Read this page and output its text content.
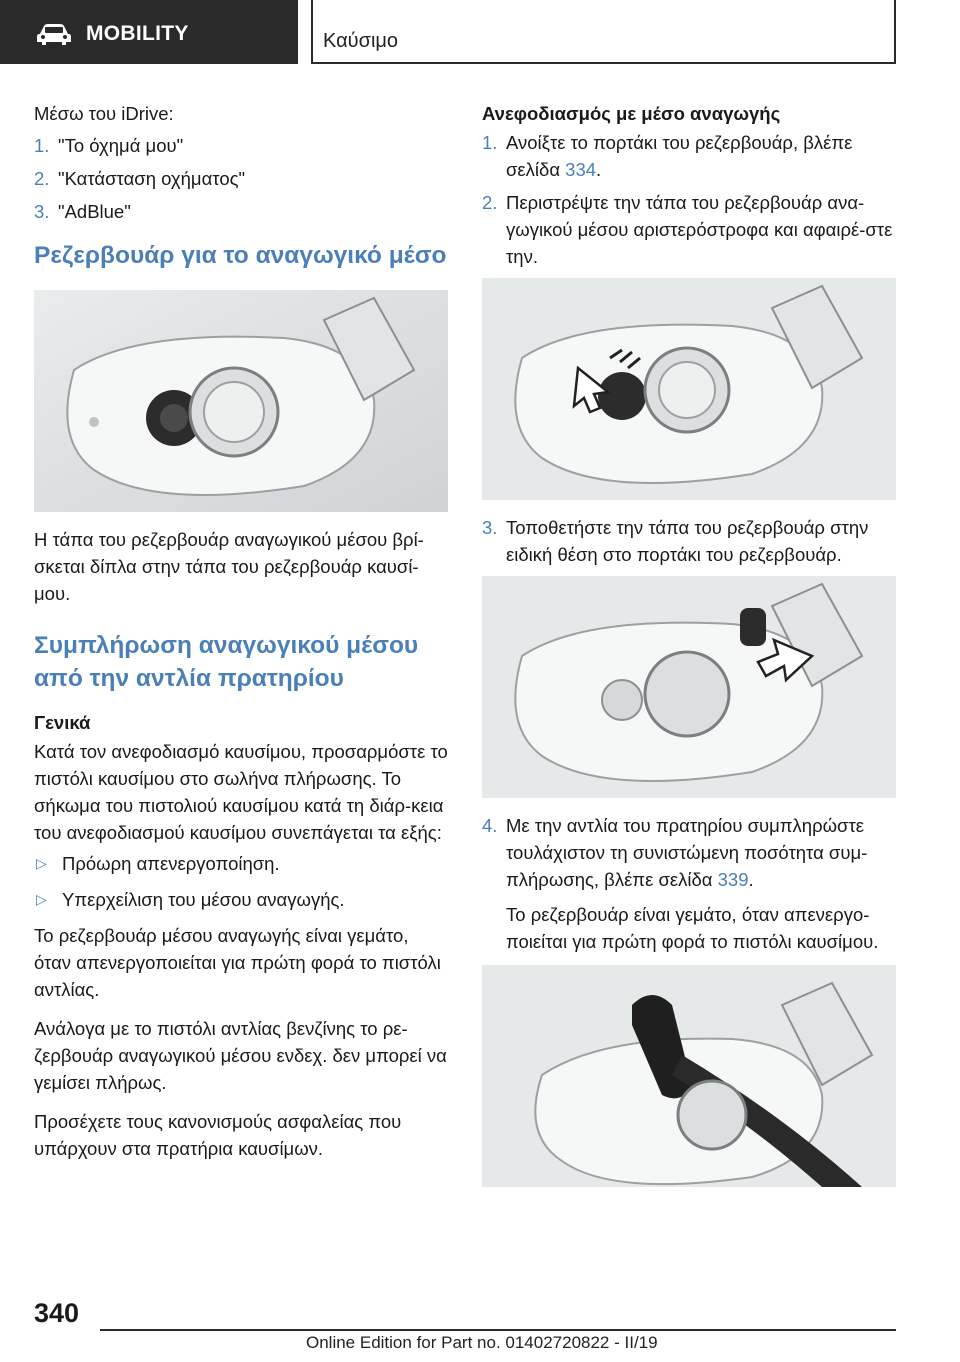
MOBILITY	Καύσιμο

Μέσω του iDrive:

1. "Το όχημά μου"
2. "Κατάσταση οχήματος"
3. "AdBlue"
Ρεζερβουάρ για το αναγωγικό μέσο

Η τάπα του ρεζερβουάρ αναγωγικού μέσου βρί-σκεται δίπλα στην τάπα του ρεζερβουάρ καυσί-μου.

Συμπλήρωση αναγωγικού μέσου
από την αντλία πρατηρίου
Γενικά

Κατά τον ανεφοδιασμό καυσίμου, προσαρμόστε το πιστόλι καυσίμου στο σωλήνα πλήρωσης. Το σήκωμα του πιστολιού καυσίμου κατά τη διάρ-κεια του ανεφοδιασμού καυσίμου συνεπάγεται τα εξής:

▷ Πρόωρη απενεργοποίηση.
▷ Υπερχείλιση του μέσου αναγωγής.

Το ρεζερβουάρ μέσου αναγωγής είναι γεμάτο, όταν απενεργοποιείται για πρώτη φορά το πιστόλι αντλίας.

Ανάλογα με το πιστόλι αντλίας βενζίνης το ρε-ζερβουάρ αναγωγικού μέσου ενδεχ. δεν μπορεί να γεμίσει πλήρως.

Προσέχετε τους κανονισμούς ασφαλείας που υπάρχουν στα πρατήρια καυσίμων.

Ανεφοδιασμός με μέσο αναγωγής
1. Ανοίξτε το πορτάκι του ρεζερβουάρ, βλέπε σελίδα 334.
2. Περιστρέψτε την τάπα του ρεζερβουάρ ανα-γωγικού μέσου αριστερόστροφα και αφαιρέ-στε την.
3. Τοποθετήστε την τάπα του ρεζερβουάρ στην ειδική θέση στο πορτάκι του ρεζερβουάρ.
4. Με την αντλία του πρατηρίου συμπληρώστε τουλάχιστον τη συνιστώμενη ποσότητα συμ-πλήρωσης, βλέπε σελίδα 339.
Το ρεζερβουάρ είναι γεμάτο, όταν απενεργο-ποιείται για πρώτη φορά το πιστόλι καυσίμου.
340
Online Edition for Part no. 01402720822 - II/19
